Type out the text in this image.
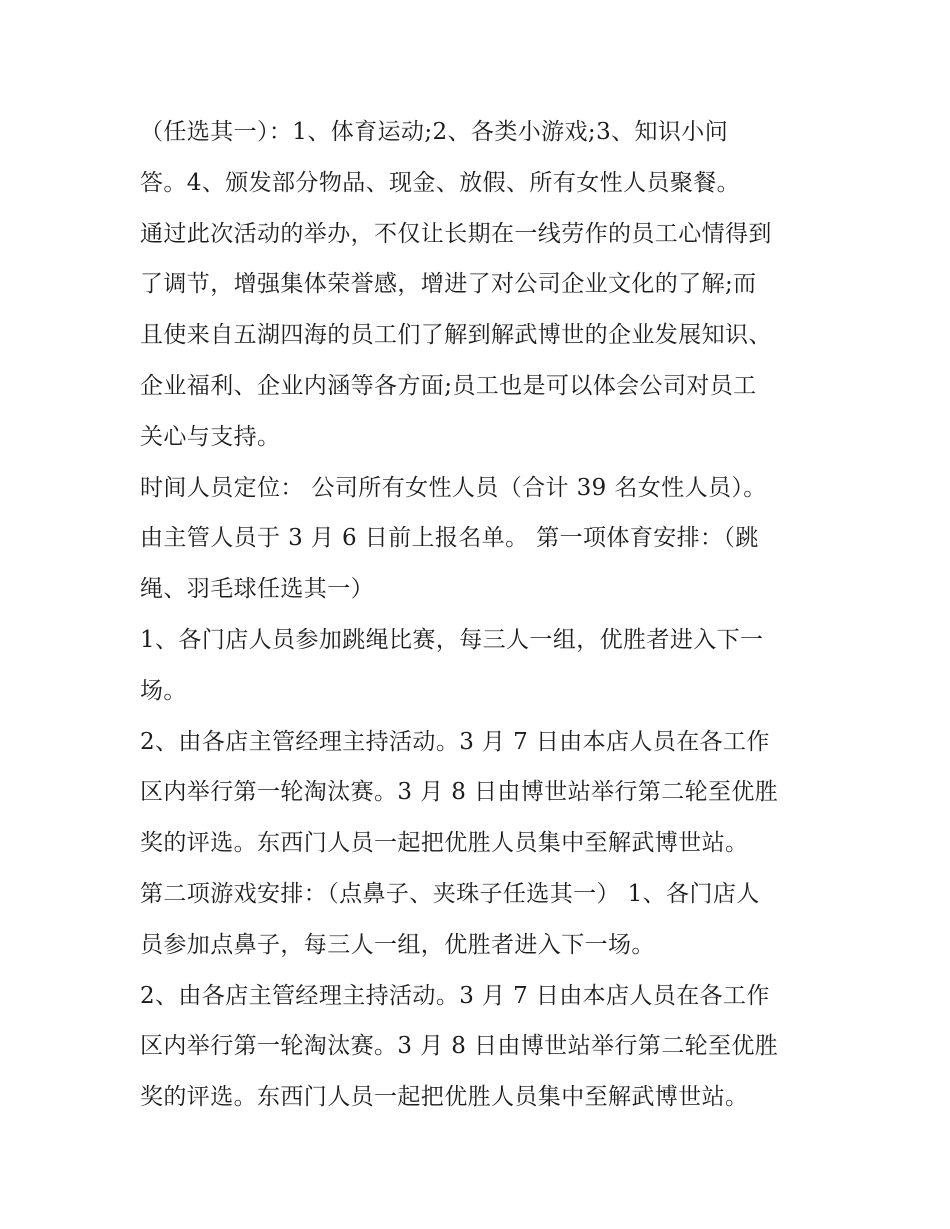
（任选其一）：1、体育运动;2、各类小游戏;3、知识小问
答。4、颁发部分物品、现金、放假、所有女性人员聚餐。
通过此次活动的举办，不仅让长期在一线劳作的员工心情得到
了调节，增强集体荣誉感，增进了对公司企业文化的了解;而
且使来自五湖四海的员工们了解到解武博世的企业发展知识、
企业福利、企业内涵等各方面;员工也是可以体会公司对员工
关心与支持。
时间人员定位： 公司所有女性人员（合计 39 名女性人员）。
由主管人员于 3 月 6 日前上报名单。 第一项体育安排：（跳
绳、羽毛球任选其一）
1、各门店人员参加跳绳比赛，每三人一组，优胜者进入下一
场。
2、由各店主管经理主持活动。3 月 7 日由本店人员在各工作
区内举行第一轮淘汰赛。3 月 8 日由博世站举行第二轮至优胜
奖的评选。东西门人员一起把优胜人员集中至解武博世站。
第二项游戏安排：（点鼻子、夹珠子任选其一） 1、各门店人
员参加点鼻子，每三人一组，优胜者进入下一场。
2、由各店主管经理主持活动。3 月 7 日由本店人员在各工作
区内举行第一轮淘汰赛。3 月 8 日由博世站举行第二轮至优胜
奖的评选。东西门人员一起把优胜人员集中至解武博世站。
